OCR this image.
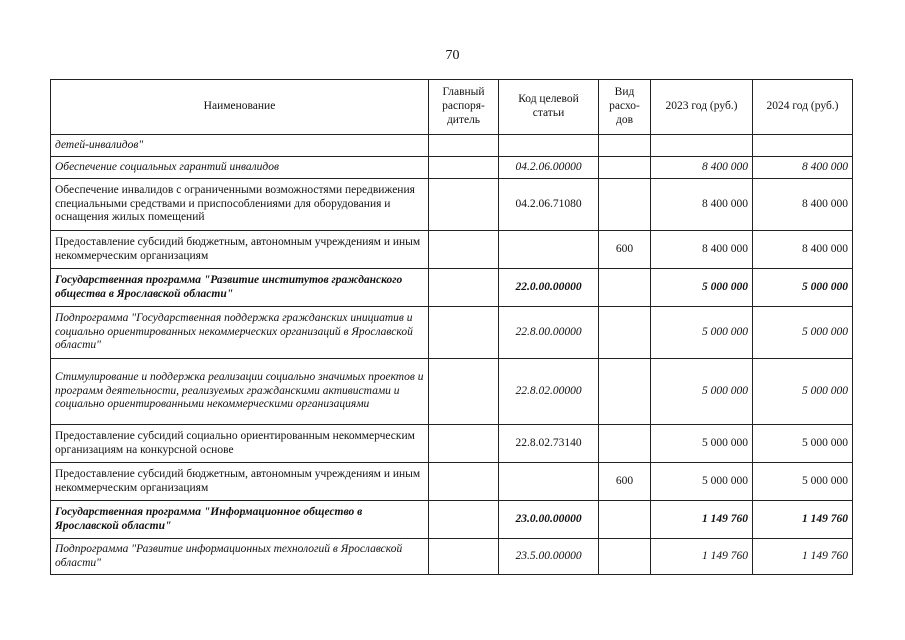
70
Наименование	Главный распоря-дитель	Код целевой статьи	Вид расхо-дов	2023 год (руб.)	2024 год (руб.)
детей-инвалидов"					
Обеспечение социальных гарантий инвалидов		04.2.06.00000		8 400 000	8 400 000
Обеспечение инвалидов с ограниченными возможностями передвижения специальными средствами и приспособлениями для оборудования и оснащения жилых помещений		04.2.06.71080		8 400 000	8 400 000
Предоставление субсидий бюджетным, автономным учреждениям и иным некоммерческим организациям			600	8 400 000	8 400 000
Государственная программа "Развитие институтов гражданского общества в Ярославской области"		22.0.00.00000		5 000 000	5 000 000
Подпрограмма "Государственная поддержка гражданских инициатив и социально ориентированных некоммерческих организаций в Ярославской области"		22.8.00.00000		5 000 000	5 000 000
Стимулирование и поддержка реализации социально значимых проектов и программ деятельности, реализуемых гражданскими активистами и социально ориентированными некоммерческими организациями		22.8.02.00000		5 000 000	5 000 000
Предоставление субсидий социально ориентированным некоммерческим организациям на конкурсной основе		22.8.02.73140		5 000 000	5 000 000
Предоставление субсидий бюджетным, автономным учреждениям и иным некоммерческим организациям			600	5 000 000	5 000 000
Государственная программа "Информационное общество в Ярославской области"		23.0.00.00000		1 149 760	1 149 760
Подпрограмма "Развитие информационных технологий в Ярославской области"		23.5.00.00000		1 149 760	1 149 760
